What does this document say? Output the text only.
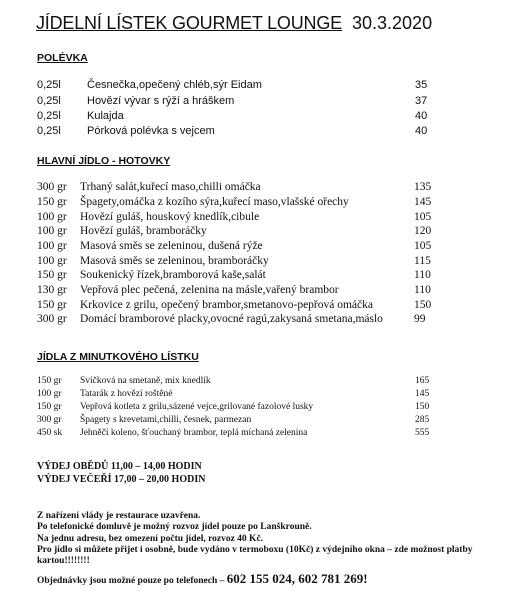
JÍDELNÍ LÍSTEK GOURMET LOUNGE 30.3.2020
POLÉVKA
0,25l Česnečka,opečený chléb,sýr Eidam	35
0,25l Hovězí vývar s rýží a hráškem	37
0,25l Kulajda	40
0,25l Pórková polévka s vejcem	40
HLAVNÍ JÍDLO - HOTOVKY
300 gr Trhaný salát,kuřecí maso,chilli omáčka	135
150 gr Špagety,omáčka z kozího sýra,kuřecí maso,vlašské ořechy	145
100 gr Hovězí guláš, houskový knedlík,cibule	105
100 gr Hovězí guláš, bramboráčky	120
100 gr Masová směs se zeleninou, dušená rýže	105
100 gr Masová směs se zeleninou, bramboráčky	115
150 gr Soukenický řízek,bramborová kaše,salát	110
130 gr Vepřová plec pečená, zelenina na másle,vařený brambor	110
150 gr Krkovice z grilu, opečený brambor,smetanovo-pepřová omáčka	150
300 gr Domácí bramborové placky,ovocné ragú,zakysaná smetana,máslo	99
JÍDLA Z MINUTKOVÉHO LÍSTKU
150 gr Svíčková na smetaně, mix knedlík	165
100 gr Tatarák z hovězí roštěné	145
150 gr Vepřová kotleta z grilu,sázené vejce,grilované fazolové lusky	150
300 gr Špagety s krevetami,chilli, česnek, parmezan	285
450 sk Jehněčí koleno, šťouchaný brambor, teplá míchaná zelenina	555
VÝDEJ OBĚDŮ 11,00 – 14,00 HODIN
VÝDEJ VEČEŘÍ 17,00 – 20,00 HODIN
Z nařízení vlády je restaurace uzavřena.
Po telefonické domluvě je možný rozvoz jídel pouze po Lanškrouně.
Na jednu adresu, bez omezení počtu jídel, rozvoz 40 Kč.
Pro jídlo si můžete přijet i osobně, bude vydáno v termoboxu (10Kč) z výdejního okna – zde možnost platby kartou!!!!!!!!
Objednávky jsou možné pouze po telefonech – 602 155 024, 602 781 269!
